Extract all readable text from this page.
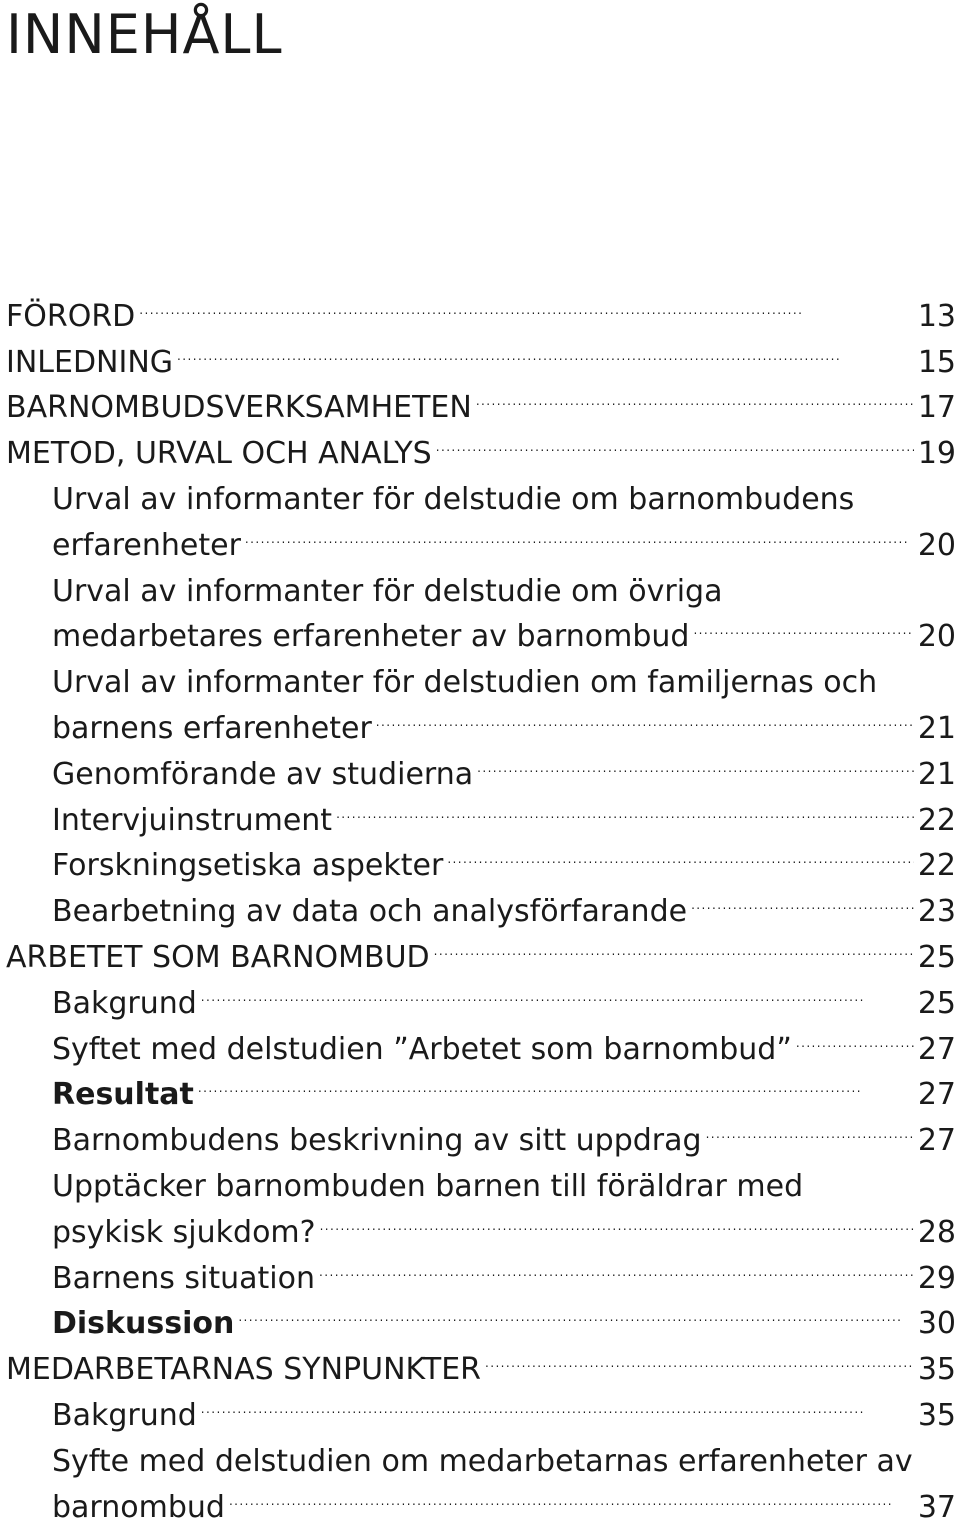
INNEHÅLL
FÖRORD . . .	13
INLEDNING . . .	15
BARNOMBUDSVERKSAMHETEN . . .	17
METOD, URVAL OCH ANALYS . . .	19
Urval av informanter för delstudie om barnombudens
erfarenheter . . .	20
Urval av informanter för delstudie om övriga
medarbetares erfarenheter av barnombud . . .	20
Urval av informanter för delstudien om familjernas och
barnens erfarenheter . . .	21
Genomförande av studierna . . .	21
Intervjuinstrument . . .	22
Forskningsetiska aspekter . . .	22
Bearbetning av data och analysförfarande . . .	23
ARBETET SOM BARNOMBUD . . .	25
Bakgrund . . .	25
Syftet med delstudien ”Arbetet som barnombud” . . .	27
Resultat . . .	27
Barnombudens beskrivning av sitt uppdrag . . .	27
Upptäcker barnombuden barnen till föräldrar med
psykisk sjukdom? . . .	28
Barnens situation . . .	29
Diskussion . . .	30
MEDARBETARNAS SYNPUNKTER . . .	35
Bakgrund . . .	35
Syfte med delstudien om medarbetarnas erfarenheter av
barnombud . . .	37
